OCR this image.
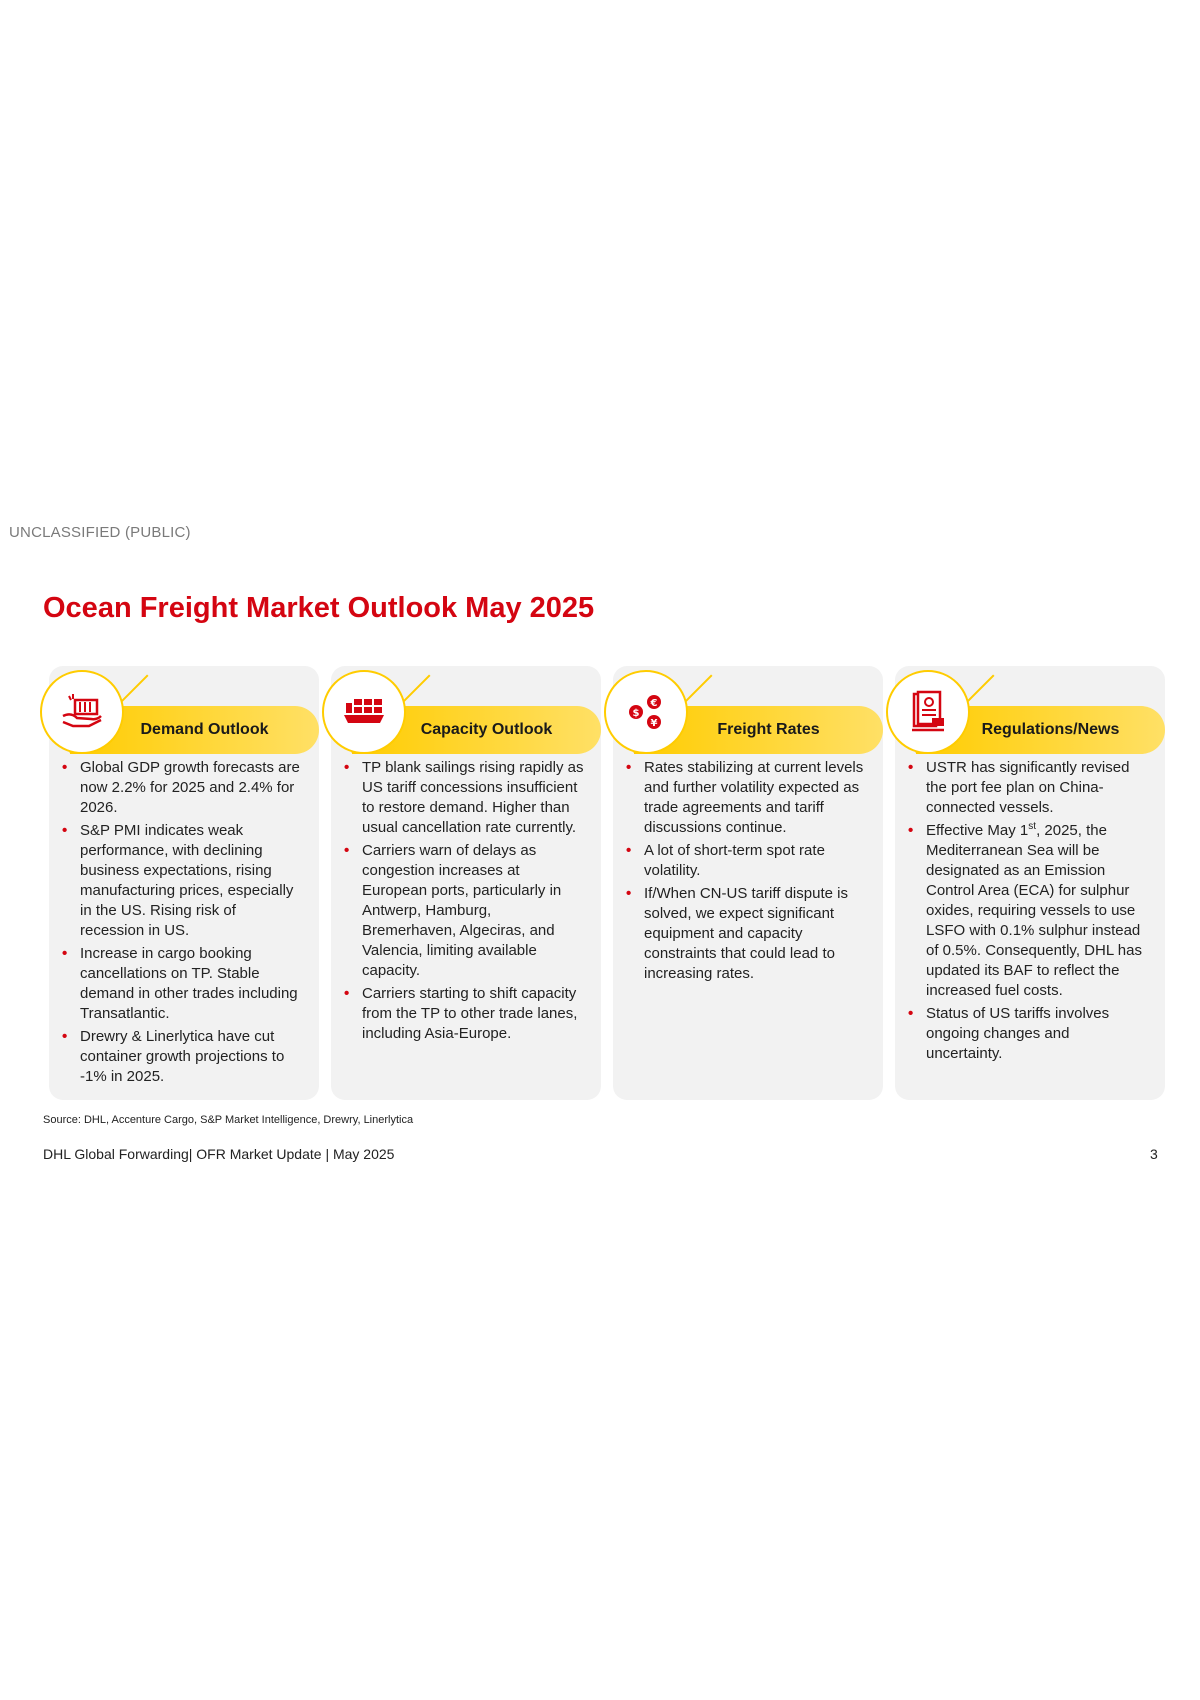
UNCLASSIFIED (PUBLIC)
Ocean Freight Market Outlook May 2025
Demand Outlook
• Global GDP growth forecasts are now 2.2% for 2025 and 2.4% for 2026.
• S&P PMI indicates weak performance, with declining business expectations, rising manufacturing prices, especially in the US. Rising risk of recession in US.
• Increase in cargo booking cancellations on TP. Stable demand in other trades including Transatlantic.
• Drewry & Linerlytica have cut container growth projections to -1% in 2025.
Capacity Outlook
• TP blank sailings rising rapidly as US tariff concessions insufficient to restore demand. Higher than usual cancellation rate currently.
• Carriers warn of delays as congestion increases at European ports, particularly in Antwerp, Hamburg, Bremerhaven, Algeciras, and Valencia, limiting available capacity.
• Carriers starting to shift capacity from the TP to other trade lanes, including Asia-Europe.
Freight Rates
$
€
¥
• Rates stabilizing at current levels and further volatility expected as trade agreements and tariff discussions continue.
• A lot of short-term spot rate volatility.
• If/When CN-US tariff dispute is solved, we expect significant equipment and capacity constraints that could lead to increasing rates.
Regulations/News
• USTR has significantly revised the port fee plan on China-connected vessels.
• Effective May 1st, 2025, the Mediterranean Sea will be designated as an Emission Control Area (ECA) for sulphur oxides, requiring vessels to use LSFO with 0.1% sulphur instead of 0.5%. Consequently, DHL has updated its BAF to reflect the increased fuel costs.
• Status of US tariffs involves ongoing changes and uncertainty.
Source: DHL, Accenture Cargo, S&P Market Intelligence, Drewry, Linerlytica
DHL Global Forwarding| OFR Market Update | May 2025	3
